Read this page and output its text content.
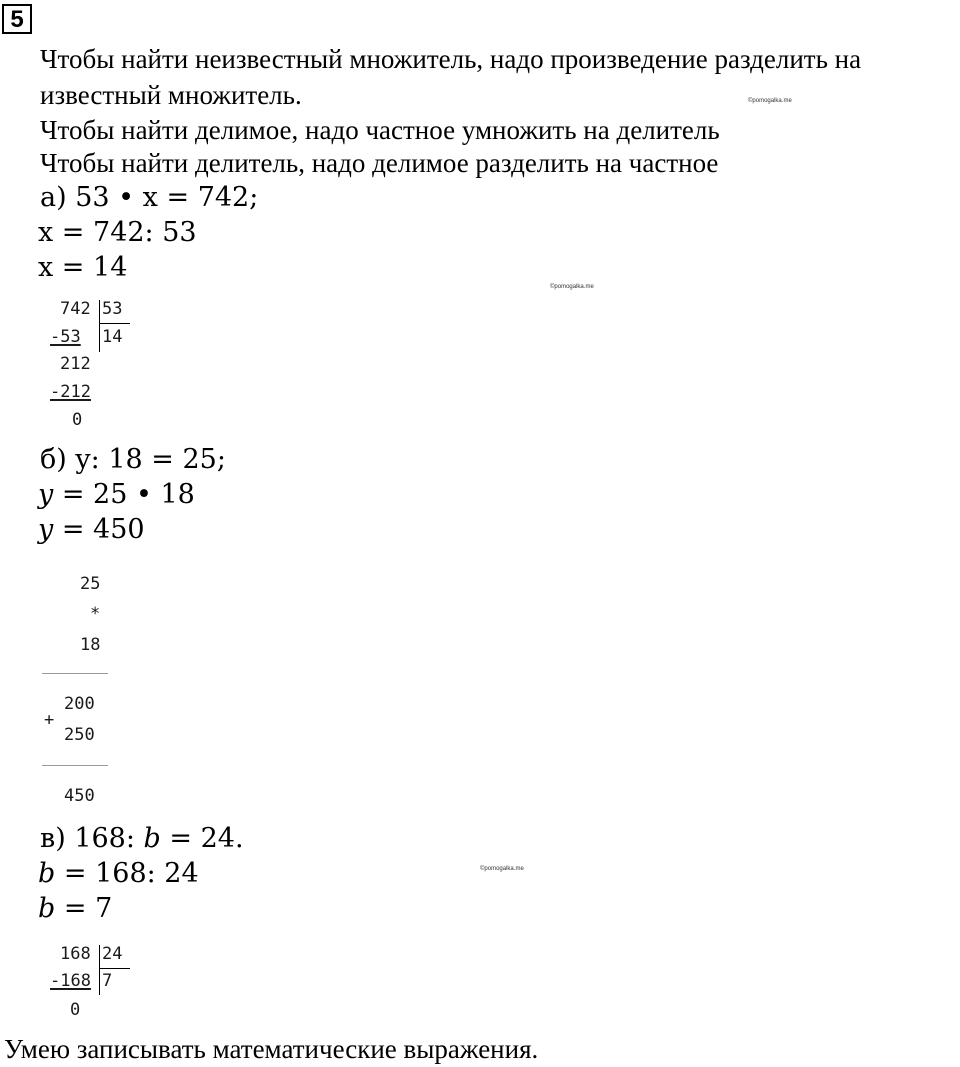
5
Чтобы найти неизвестный множитель, надо произведение разделить на
известный множитель.	©pomogalka.me
Чтобы найти делимое, надо частное умножить на делитель
Чтобы найти делитель, надо делимое разделить на частное
а) 53 • x = 742;
x = 742: 53
x = 14
©pomogalka.me
742 53
-53 14
212
-212
0
б) y: 18 = 25;
y = 25 • 18
y = 450
25
*
18
200
+
250
450
в) 168: b = 24.
©pomogalka.me
b = 168: 24
b = 7
168 24
-168 7
0
Умею записывать математические выражения.
